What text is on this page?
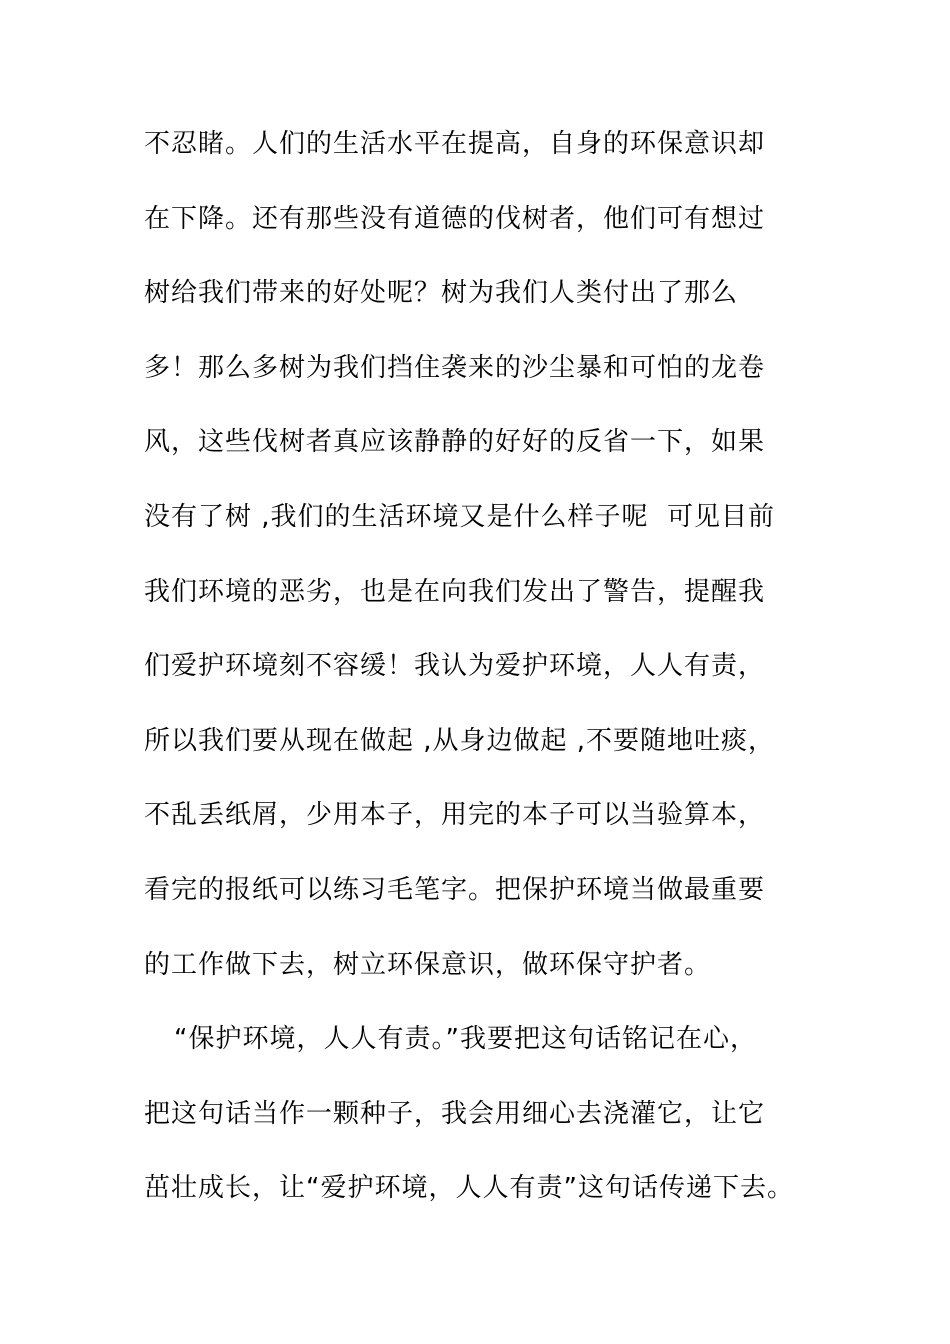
不忍睹。人们的生活水平在提高，自身的环保意识却
在下降。还有那些没有道德的伐树者，他们可有想过
树给我们带来的好处呢？树为我们人类付出了那么
多！那么多树为我们挡住袭来的沙尘暴和可怕的龙卷
风，这些伐树者真应该静静的好好的反省一下，如果
没有了树 ,我们的生活环境又是什么样子呢  可见目前
我们环境的恶劣，也是在向我们发出了警告，提醒我
们爱护环境刻不容缓！我认为爱护环境，人人有责，
所以我们要从现在做起 ,从身边做起 ,不要随地吐痰，
不乱丢纸屑，少用本子，用完的本子可以当验算本，
看完的报纸可以练习毛笔字。把保护环境当做最重要
的工作做下去，树立环保意识，做环保守护者。
“保护环境，人人有责。”我要把这句话铭记在心，
把这句话当作一颗种子，我会用细心去浇灌它，让它
茁壮成长，让“爱护环境，人人有责”这句话传递下去。
